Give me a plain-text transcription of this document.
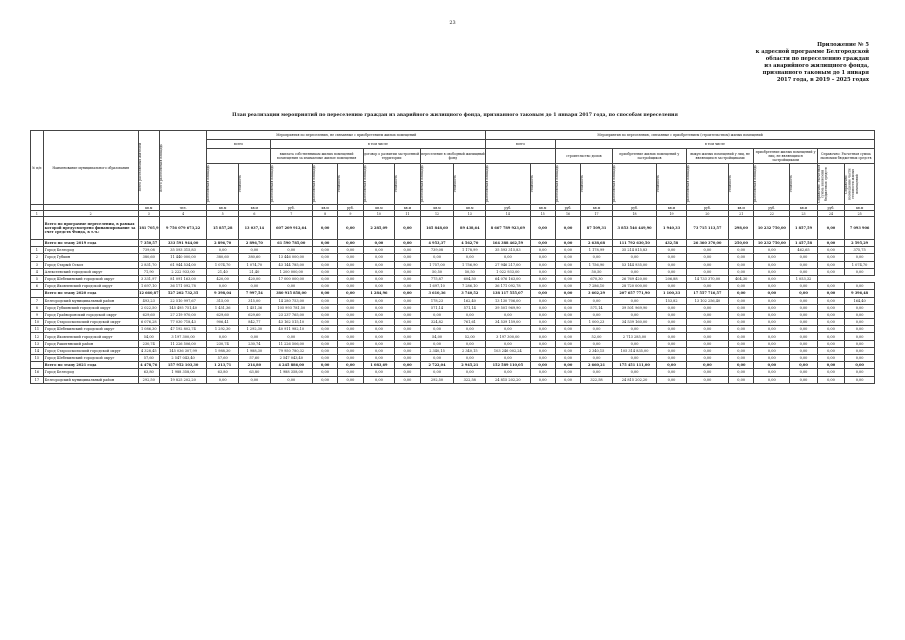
23
Приложение № 5
к адресной программе Белгородской
области по переселению граждан
из аварийного жилищного фонда,
признанного таковым до 1 января
2017 года, в 2019 – 2025 годах
План реализации мероприятий по переселению граждан из аварийного жилищного фонда, признанного таковым до 1 января 2017 года, по способам переселения
№ п/п	Наименование муниципального образования	Всего расселяемых жителей	Всего расселяемая площадь	Мероприятия по переселению, не связанные с приобретением жилых помещений									Мероприятия по переселению, связанные с приобретением (строительством) жилых помещений											
				всего		в том числе							всего		в том числе									
						выплата собственникам жилых помещений возмещения за изымаемые жилые помещения			договор о развитии застроенной территории		переселение в свободный жилищный фонд				строительство домов		приобретение жилых помещений у застройщиков		выкуп жилых помещений у лиц, не являющихся застройщиками		приобретение жилых помещений у лиц, не являющихся застройщиками		Справочно: Расчетная сумма экономии бюджетных средств	

				расселяемая площадь	стоимость	расселяемая площадь	расселяемая площадь	стоимость	расселяемая площадь	стоимость	расселяемая площадь	стоимость	расселяемая площадь	стоимость	расселяемая площадь	стоимость	расселяемая площадь	стоимость	расселяемая площадь	стоимость	расселяемая площадь	стоимость	Справочно: Расчетная сумма экономии бюджетных средств	Справочно: возмещение части стоимости жилых помещений

		кв.м	чел.	кв.м	кв.м	руб.	кв.м	руб.	кв.м	кв.м	кв.м	кв.м	руб.	кв.м	руб.	кв.м	руб.	кв.м	руб.	кв.м	руб.	кв.м	руб.	кв.м
1	2	3	4	5	6	7	8	9	10	11	12	13	14	15	16	17	18	19	20	21	22	23	24	25
	Всего по программе переселения, в рамках которой предусмотрено финансирование за счет средств Фонда, в т.ч.:	181 705,9	9 756 079 673,22	15 857,28	13 037,14	607 209 912,64	0,00	0,00	2 285,09	0,00	165 848,60	89 438,64	8 667 789 923,69	0,00	0,00	87 509,31	3 853 546 449,90	1 940,33	73 715 113,57	298,00	10 232 750,00	1 857,59	0,00	7 093 906
	Всего по этапу 2019 года	7 350,57	333 591 944,00	2 896,70	2 896,70	61 590 785,00	0,00	0,00	0,00	0,00	4 953,37	4 562,70	164 388 462,59	0,00	0,00	2 638,68	111 792 630,50	432,58	26 360 370,00	250,00	10 232 750,00	1 457,58	0,00	2 595,29
1	Город Белгород	739,08	35 593 315,83	0,00	0,00	0,00	0,00	0,00	0,00	0,00	739,08	1 178,99	35 593 315,83	0,00	0,00	1 178,99	35 214 815,83	0,00	0,00	0,00	0,00	462,65	0,00	375,75
2	Город Губкин	380,60	11 440 000,00	380,60	380,60	13 446 000,00	0,00	0,00	0,00	0,00	0,00	0,00	0,00	0,00	0,00	0,00	0,00	0,00	0,00	0,00	0,00	0,00	0,00	0,00
3	Город Старый Оскол	2 831,70	61 944 534,00	1 074,70	1 074,70	43 144 785,00	0,00	0,00	0,00	0,00	1 757,00	1 756,90	27 946 217,00	0,00	0,00	1 756,90	53 144 935,00	0,00	0,00	0,00	0,00	0,00	0,00	1 074,70
4	Алексеевский городской округ	71,90	2 222 933,00	21,40	21,40	1 200 000,00	0,00	0,00	0,00	0,00	50,50	50,50	1 022 933,00	0,00	0,00	50,50	0,00	0,00	0,00	0,00	0,00	0,00	0,00	0,00
5	Город Шебекинский городской округ	3 331,97	81 091 163,00	420,00	420,00	17 000 000,00	0,00	0,00	0,00	0,00	775,87	604,50	64 076 163,00	0,00	0,00	670,30	26 769 420,00	206,88	14 733 370,00	404,30	0,00	1 053,32		
6	Город Яковлевский городской округ	1 697,10	36 171 092,78	0,00	0,00	0,00	0,00	0,00	0,00	0,00	1 697,10	7 286,10	36 171 092,78	0,00	0,00	7 286,10	28 720 000,00	0,00	0,00	0,00	0,00	0,00	0,00	0,00
	Всего по этапу 2020 года	12 660,87	527 202 732,35	9 398,04	7 997,54	380 915 858,00	0,00	0,00	1 284,96	0,00	3 610,36	3 740,52	138 117 555,07	0,00	0,00	3 602,29	207 657 771,90	1 100,33	17 557 716,57	0,00	0,00	0,00	0,00	9 396,48
7	Белгородский муниципальный район	493,23	22 510 997,67	315,00	315,00	14 280 753,00	0,00	0,00	0,00	0,00	178,23	162,40	13 130 706,00	0,00	0,00	0,00	0,00	153,82	13 102 256,40	0,00	0,00	0,00	0,00	164,40
8	Город Губкинский городской округ	2 022,50	145 495 751,40	1 451,36	1 451,36	105 993 781,50	0,00	0,00	0,00	0,00	571,14	571,14	39 501 969,90	0,00	0,00	571,14	39 501 969,90	0,00	0,00	0,00	0,00	0,00	0,00	0,00
9	Город Грайворонский городской округ	629,60	27 219 970,00	629,60	629,60	23 237 765,00	0,00	0,00	0,00	0,00	0,00	0,00	0,00	0,00	0,00	0,00	0,00	0,00	0,00	0,00	0,00	0,00	0,00	0,00
10	Город Старооскольский городской округ	6 076,28	77 030 718,43	906,41	842,77	43 162 515,10	0,00	0,00	0,00	0,00	324,82	761,61	34 539 159,00	0,00	0,00	1 000,23	34 539 160,00	0,00	0,00	0,00	0,00	0,00	0,00	0,00
11	Город Шебекинский городской округ	1 086,30	47 192 802,74	1 292,30	1 292,30	40 911 982,10	0,00	0,00	0,00	0,00	0,00	0,00	0,00	0,00	0,00	0,00	0,00	0,00	0,00	0,00	0,00	0,00	0,00	0,00
12	Город Яковлевский городской округ	54,00	3 197 300,00	0,00	0,00	0,00	0,00	0,00	0,00	0,00	54,00	52,00	3 197 300,00	0,00	0,00	52,00	2 713 285,00	0,00	0,00	0,00	0,00	0,00	0,00	0,00
13	Город Ракитянский район	230,74	11 226 506,00	230,74	230,74	11 226 506,00	0,00	0,00	0,00	0,00	0,00	0,00	0,00	0,00	0,00	0,00	0,00	0,00	0,00	0,00	0,00	0,00	0,00	0,00
14	Город Старооскольский городской округ	4 328,45	145 036 307,99	1 988,30	1 988,30	79 950 780,32	0,00	0,00	0,00	0,00	2 340,15	2 340,15	103 246 002,24	0,00	0,00	2 340,15	105 314 835,00	0,00	0,00	0,00	0,00	0,00	0,00	0,00
15	Город Шебекинский городской округ	57,60	2 547 043,40	57,60	57,60	2 547 043,40	0,00	0,00	0,00	0,00	0,00	0,00	0,00	0,00	0,00	0,00	0,00	0,00	0,00	0,00	0,00	0,00	0,00	0,00
	Всего по этапу 2021 года	4 478,76	157 952 103,30	1 213,71	214,80	4 245 886,00	0,00	0,00	1 083,69	0,00	2 722,04	2 945,21	152 589 110,05	0,00	0,00	2 660,21	175 451 111,00	0,00	0,00	0,00	0,00	0,00	0,00	0,00
16	Город Белгород	63,80	1 988 358,00	63,80	63,80	1 988 358,00	0,00	0,00	0,00	0,00	0,00	0,00	0,00	0,00	0,00	0,00	0,00	0,00	0,00	0,00	0,00	0,00	0,00	0,00
17	Белгородский муниципальный район	292,50	19 825 202,20	0,00	0,00	0,00	0,00	0,00	0,00	0,00	292,50	322,58	24 815 202,20	0,00	0,00	322,58	24 815 202,20	0,00	0,00	0,00	0,00	0,00	0,00	0,00
